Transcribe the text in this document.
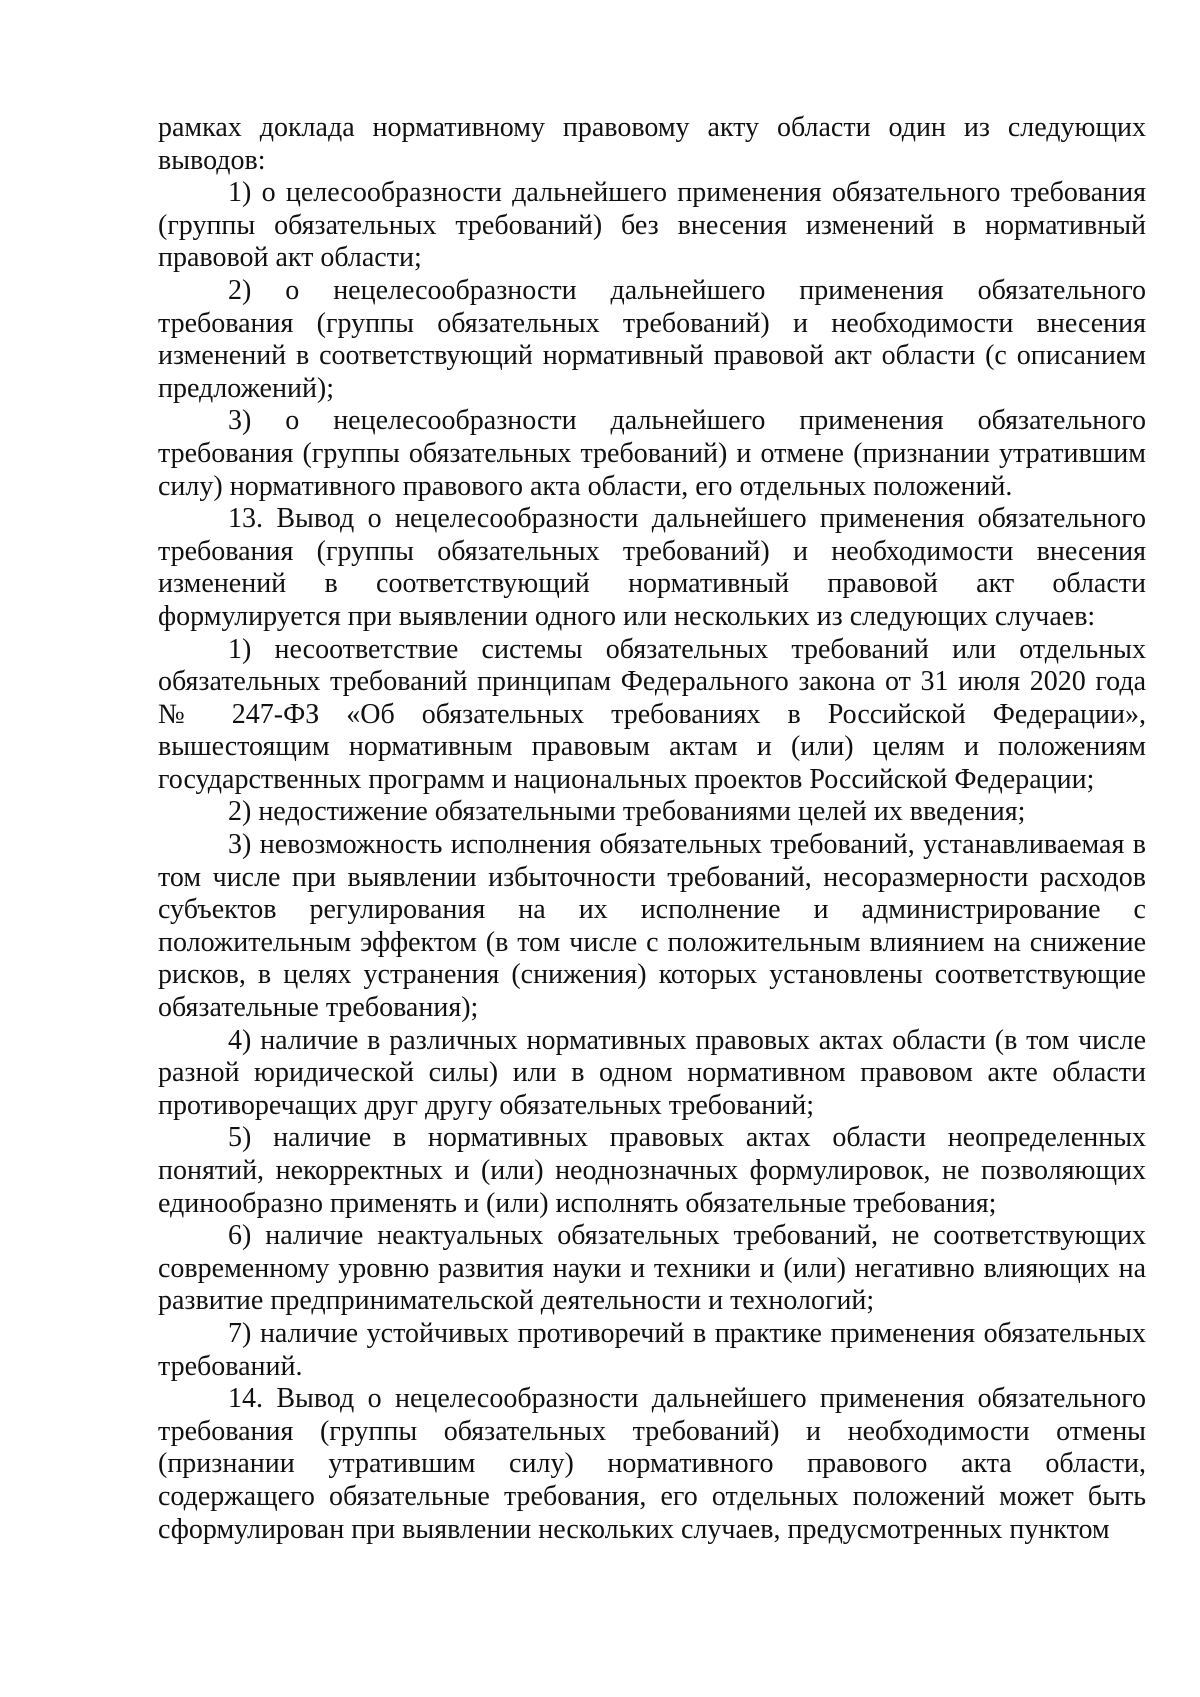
рамках доклада нормативному правовому акту области один из следующих выводов:

1) о целесообразности дальнейшего применения обязательного требования (группы обязательных требований) без внесения изменений в нормативный правовой акт области;

2) о нецелесообразности дальнейшего применения обязательного требования (группы обязательных требований) и необходимости внесения изменений в соответствующий нормативный правовой акт области (с описанием предложений);

3) о нецелесообразности дальнейшего применения обязательного требования (группы обязательных требований) и отмене (признании утратившим силу) нормативного правового акта области, его отдельных положений.

13. Вывод о нецелесообразности дальнейшего применения обязательного требования (группы обязательных требований) и необходимости внесения изменений в соответствующий нормативный правовой акт области формулируется при выявлении одного или нескольких из следующих случаев:

1) несоответствие системы обязательных требований или отдельных обязательных требований принципам Федерального закона от 31 июля 2020 года № 247-ФЗ «Об обязательных требованиях в Российской Федерации», вышестоящим нормативным правовым актам и (или) целям и положениям государственных программ и национальных проектов Российской Федерации;

2) недостижение обязательными требованиями целей их введения;

3) невозможность исполнения обязательных требований, устанавливаемая в том числе при выявлении избыточности требований, несоразмерности расходов субъектов регулирования на их исполнение и администрирование с положительным эффектом (в том числе с положительным влиянием на снижение рисков, в целях устранения (снижения) которых установлены соответствующие обязательные требования);

4) наличие в различных нормативных правовых актах области (в том числе разной юридической силы) или в одном нормативном правовом акте области противоречащих друг другу обязательных требований;

5) наличие в нормативных правовых актах области неопределенных понятий, некорректных и (или) неоднозначных формулировок, не позволяющих единообразно применять и (или) исполнять обязательные требования;

6) наличие неактуальных обязательных требований, не соответствующих современному уровню развития науки и техники и (или) негативно влияющих на развитие предпринимательской деятельности и технологий;

7) наличие устойчивых противоречий в практике применения обязательных требований.

14. Вывод о нецелесообразности дальнейшего применения обязательного требования (группы обязательных требований) и необходимости отмены (признании утратившим силу) нормативного правового акта области, содержащего обязательные требования, его отдельных положений может быть сформулирован при выявлении нескольких случаев, предусмотренных пунктом
